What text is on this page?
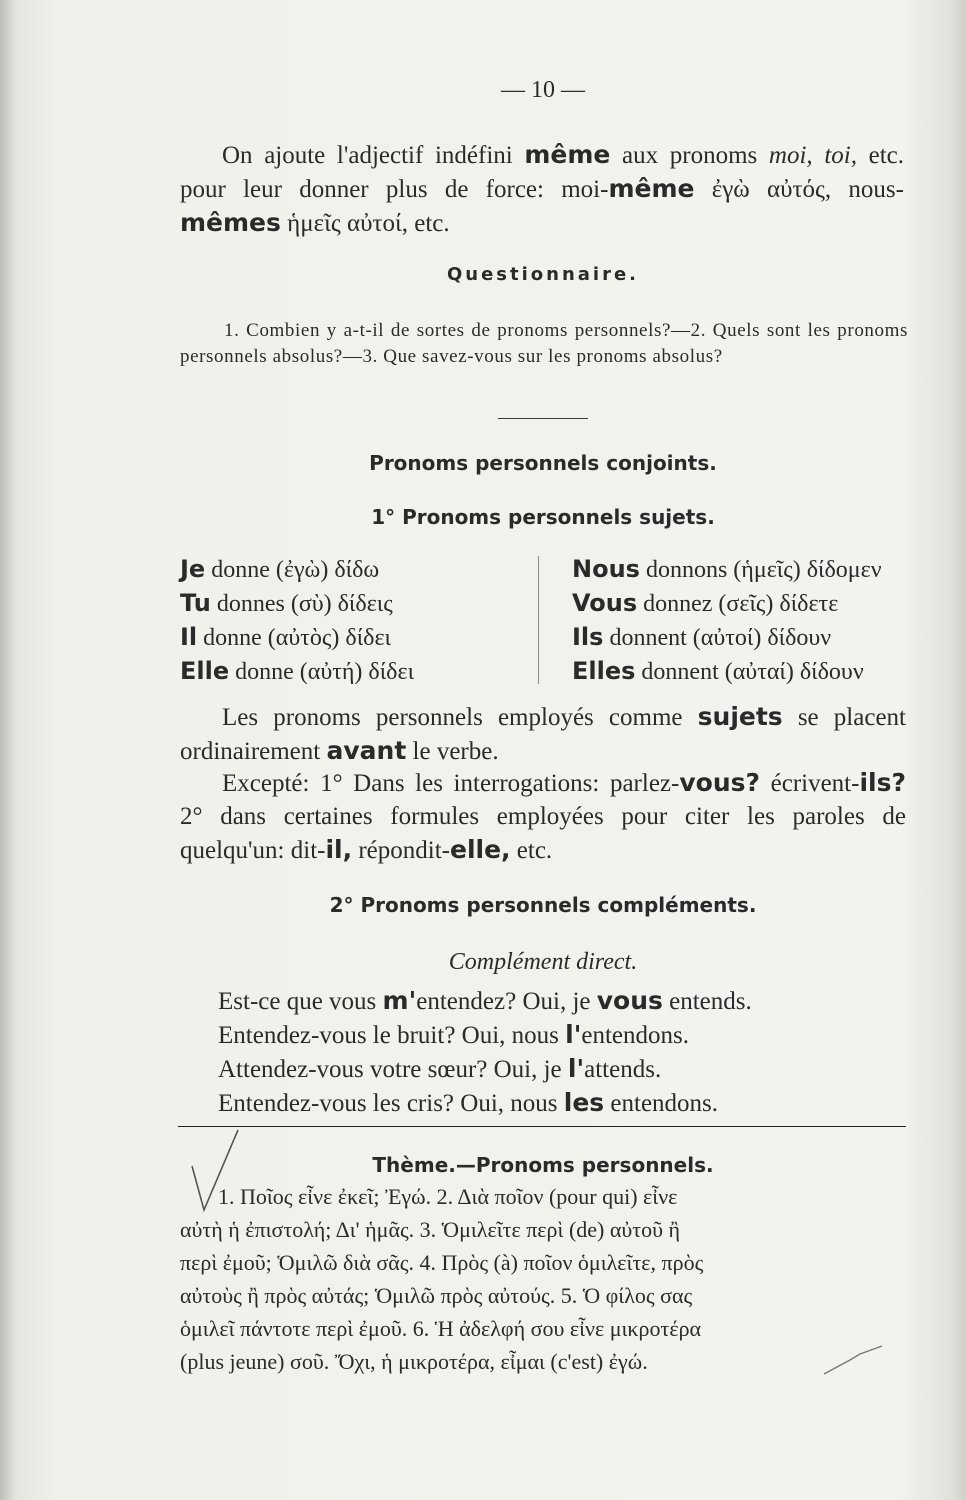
— 10 —
On ajoute l'adjectif indéfini même aux pronoms moi, toi, etc. pour leur donner plus de force: moi-même ἐγὼ αὐτός, nous-mêmes ἡμεῖς αὐτοί, etc.
Questionnaire.
1. Combien y a-t-il de sortes de pronoms personnels?—2. Quels sont les pronoms personnels absolus?—3. Que savez-vous sur les pronoms absolus?
Pronoms personnels conjoints.
1° Pronoms personnels sujets.
Je donne (ἐγὼ) δίδω
Tu donnes (σὺ) δίδεις
Il donne (αὐτὸς) δίδει
Elle donne (αὐτή) δίδει
Nous donnons (ἡμεῖς) δίδομεν
Vous donnez (σεῖς) δίδετε
Ils donnent (αὐτοί) δίδουν
Elles donnent (αὐταί) δίδουν
Les pronoms personnels employés comme sujets se placent ordinairement avant le verbe.
Excepté: 1° Dans les interrogations: parlez-vous? écrivent-ils? 2° dans certaines formules employées pour citer les paroles de quelqu'un: dit-il, répondit-elle, etc.
2° Pronoms personnels compléments.
Complément direct.
Est-ce que vous m'entendez? Oui, je vous entends.
Entendez-vous le bruit? Oui, nous l'entendons.
Attendez-vous votre sœur? Oui, je l'attends.
Entendez-vous les cris? Oui, nous les entendons.
Thème.—Pronoms personnels.
1. Ποῖος εἶνε ἐκεῖ; Ἐγώ. 2. Διὰ ποῖον (pour qui) εἶνε
αὐτὴ ἡ ἐπιστολή; Δι' ἡμᾶς. 3. Ὁμιλεῖτε περὶ (de) αὐτοῦ ἢ
περὶ ἐμοῦ; Ὁμιλῶ διὰ σᾶς. 4. Πρὸς (à) ποῖον ὁμιλεῖτε, πρὸς
αὐτοὺς ἢ πρὸς αὐτάς; Ὁμιλῶ πρὸς αὐτούς. 5. Ὁ φίλος σας
ὁμιλεῖ πάντοτε περὶ ἐμοῦ. 6. Ἡ ἀδελφή σου εἶνε μικροτέρα
(plus jeune) σοῦ. Ὄχι, ἡ μικροτέρα, εἶμαι (c'est) ἐγώ.
